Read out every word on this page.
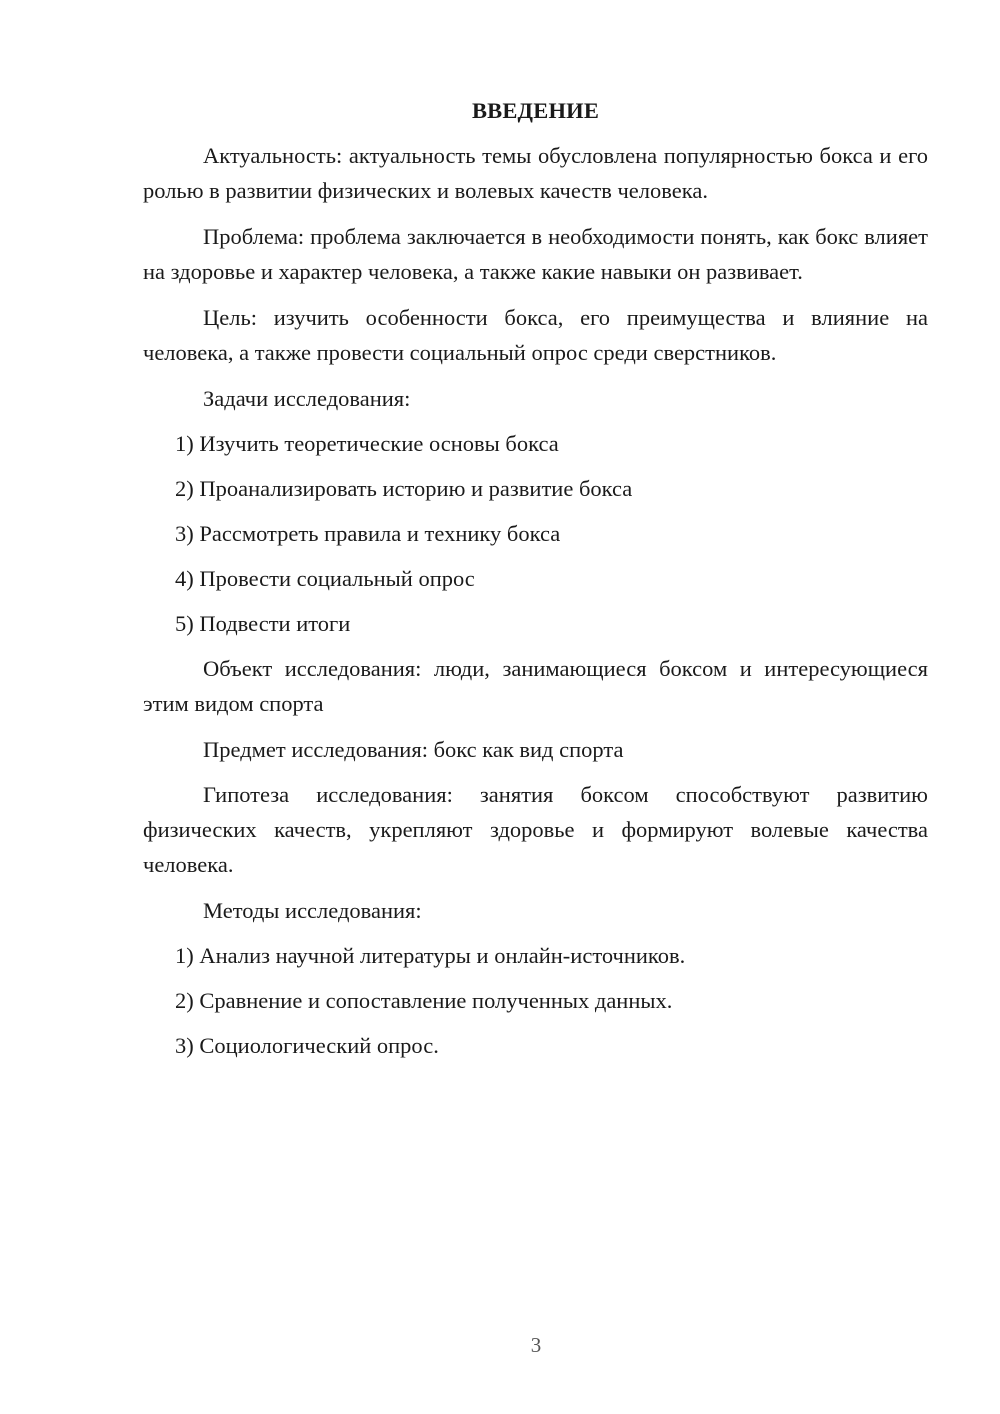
ВВЕДЕНИЕ
Актуальность: актуальность темы обусловлена популярностью бокса и его ролью в развитии физических и волевых качеств человека.
Проблема: проблема заключается в необходимости понять, как бокс влияет на здоровье и характер человека, а также какие навыки он развивает.
Цель: изучить особенности бокса, его преимущества и влияние на человека, а также провести социальный опрос среди сверстников.
Задачи исследования:
1) Изучить теоретические основы бокса
2) Проанализировать историю и развитие бокса
3) Рассмотреть правила и технику бокса
4) Провести социальный опрос
5) Подвести итоги
Объект исследования: люди, занимающиеся боксом и интересующиеся этим видом спорта
Предмет исследования: бокс как вид спорта
Гипотеза исследования: занятия боксом способствуют развитию физических качеств, укрепляют здоровье и формируют волевые качества человека.
Методы исследования:
1) Анализ научной литературы и онлайн-источников.
2) Сравнение и сопоставление полученных данных.
3) Социологический опрос.
3
